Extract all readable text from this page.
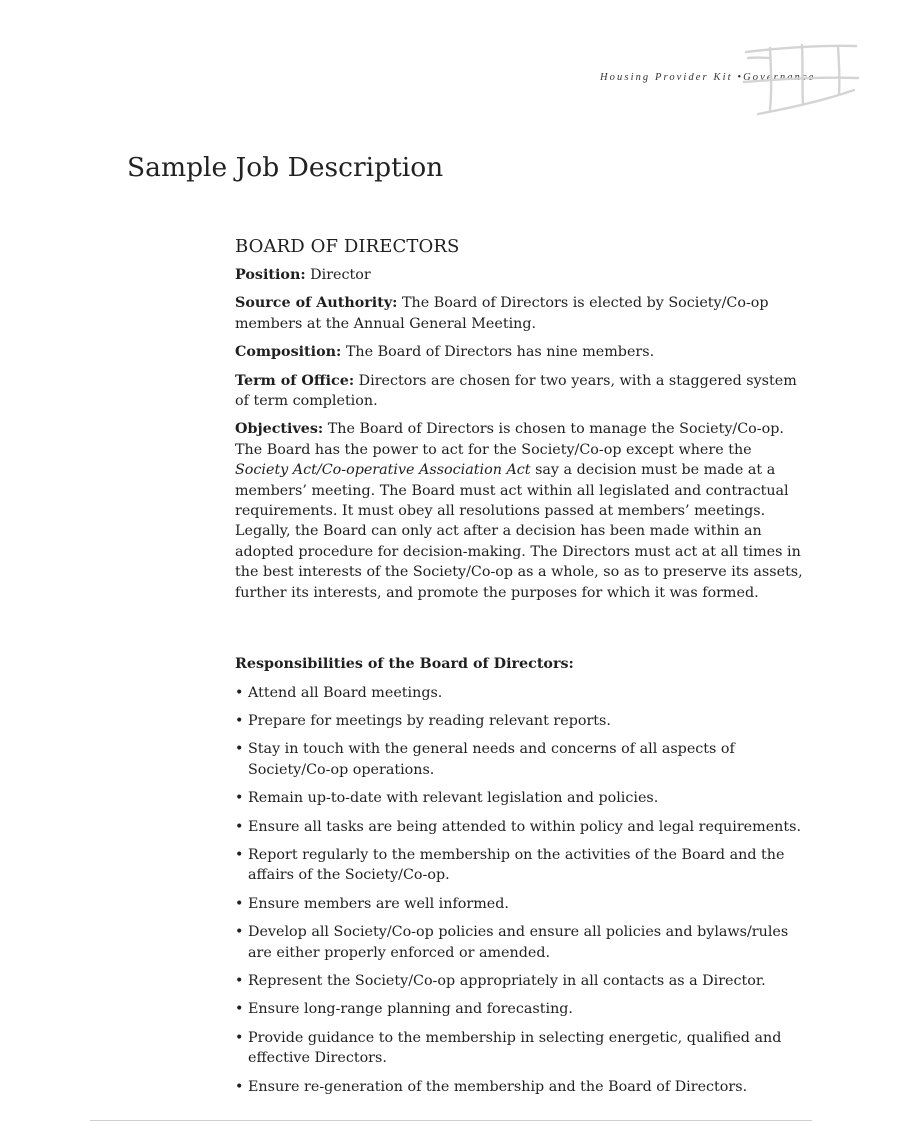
Housing Provider Kit •Governance
Sample Job Description
BOARD OF DIRECTORS

Position: Director

Source of Authority: The Board of Directors is elected by Society/Co-op members at the Annual General Meeting.

Composition: The Board of Directors has nine members.

Term of Office: Directors are chosen for two years, with a staggered system of term completion.

Objectives: The Board of Directors is chosen to manage the Society/Co-op. The Board has the power to act for the Society/Co-op except where the Society Act/Co-operative Association Act say a decision must be made at a members’ meeting. The Board must act within all legislated and contractual requirements. It must obey all resolutions passed at members’ meetings. Legally, the Board can only act after a decision has been made within an adopted procedure for decision-making. The Directors must act at all times in the best interests of the Society/Co-op as a whole, so as to preserve its assets, further its interests, and promote the purposes for which it was formed.

Responsibilities of the Board of Directors:

• Attend all Board meetings.
• Prepare for meetings by reading relevant reports.
• Stay in touch with the general needs and concerns of all aspects of Society/Co-op operations.
• Remain up-to-date with relevant legislation and policies.
• Ensure all tasks are being attended to within policy and legal requirements.
• Report regularly to the membership on the activities of the Board and the affairs of the Society/Co-op.
• Ensure members are well informed.
• Develop all Society/Co-op policies and ensure all policies and bylaws/rules are either properly enforced or amended.
• Represent the Society/Co-op appropriately in all contacts as a Director.
• Ensure long-range planning and forecasting.
• Provide guidance to the membership in selecting energetic, qualified and effective Directors.
• Ensure re-generation of the membership and the Board of Directors.
